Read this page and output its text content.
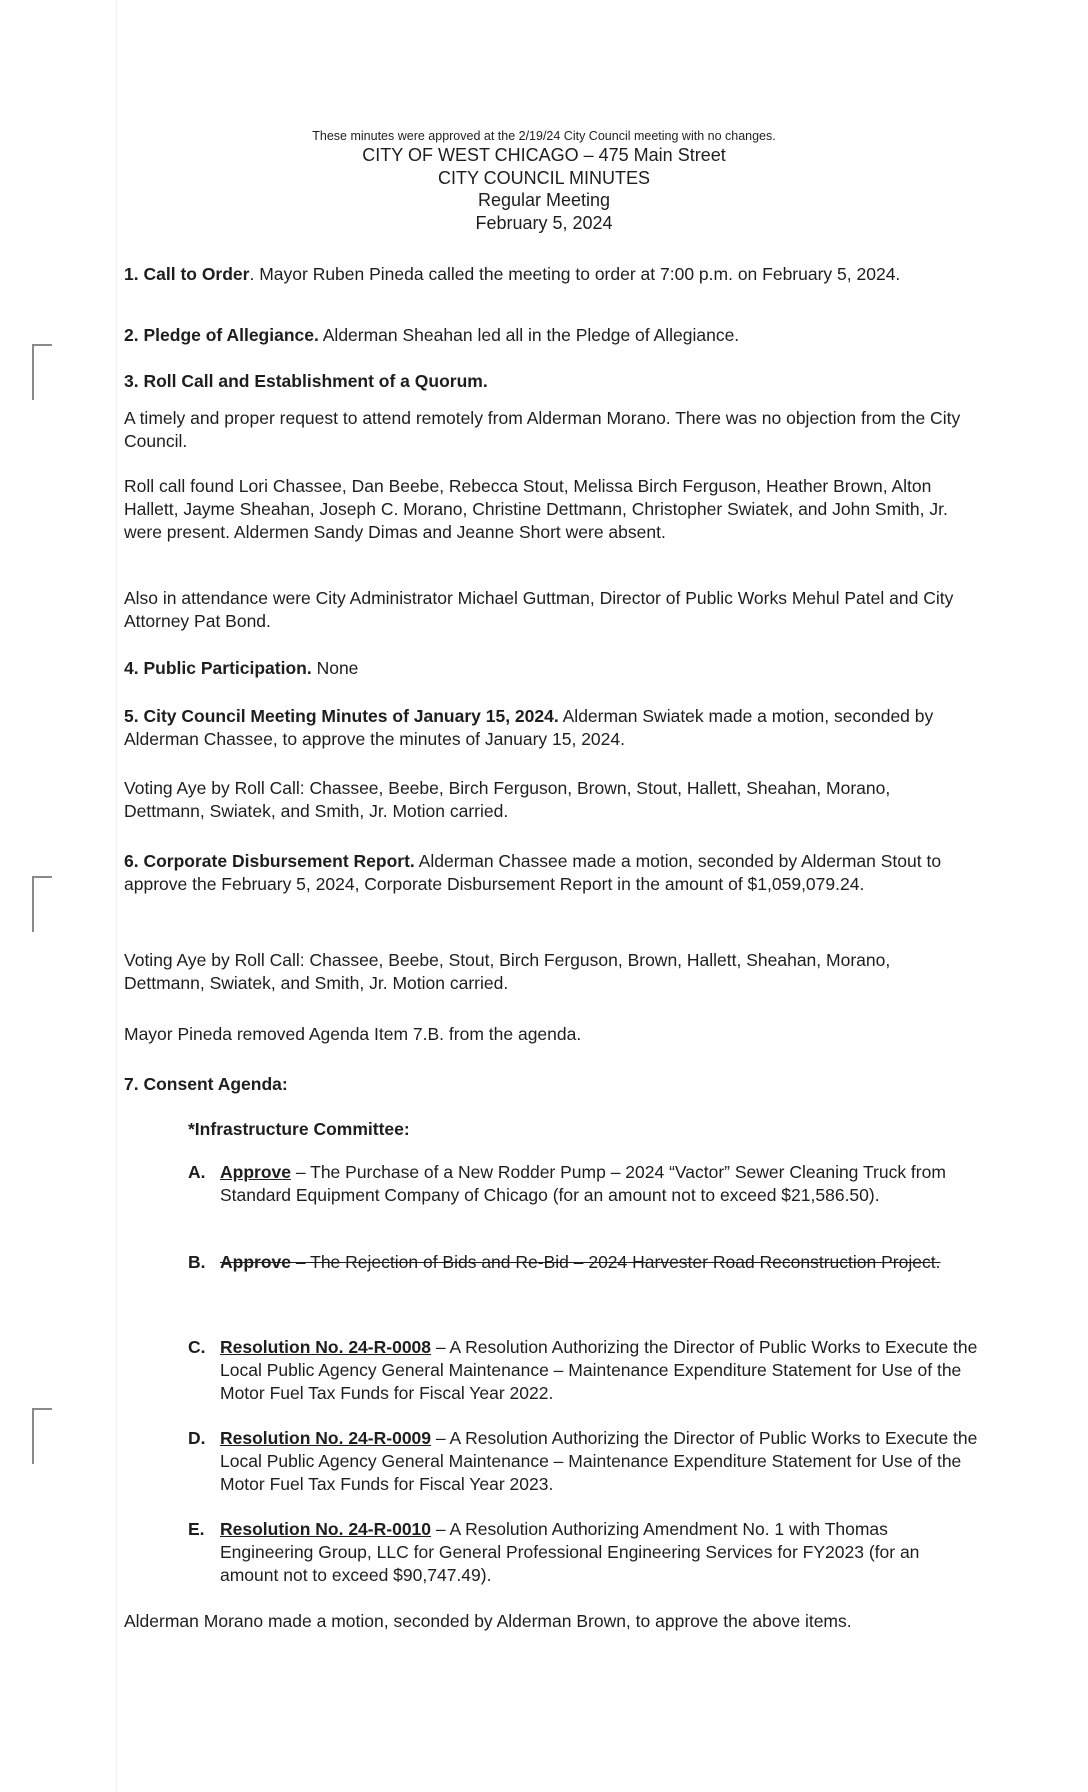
These minutes were approved at the 2/19/24 City Council meeting with no changes.
CITY OF WEST CHICAGO – 475 Main Street
CITY COUNCIL MINUTES
Regular Meeting
February 5, 2024
1. Call to Order. Mayor Ruben Pineda called the meeting to order at 7:00 p.m. on February 5, 2024.
2. Pledge of Allegiance. Alderman Sheahan led all in the Pledge of Allegiance.
3. Roll Call and Establishment of a Quorum.
A timely and proper request to attend remotely from Alderman Morano. There was no objection from the City Council.
Roll call found Lori Chassee, Dan Beebe, Rebecca Stout, Melissa Birch Ferguson, Heather Brown, Alton Hallett, Jayme Sheahan, Joseph C. Morano, Christine Dettmann, Christopher Swiatek, and John Smith, Jr. were present. Aldermen Sandy Dimas and Jeanne Short were absent.
Also in attendance were City Administrator Michael Guttman, Director of Public Works Mehul Patel and City Attorney Pat Bond.
4. Public Participation. None
5. City Council Meeting Minutes of January 15, 2024. Alderman Swiatek made a motion, seconded by Alderman Chassee, to approve the minutes of January 15, 2024.
Voting Aye by Roll Call: Chassee, Beebe, Birch Ferguson, Brown, Stout, Hallett, Sheahan, Morano, Dettmann, Swiatek, and Smith, Jr. Motion carried.
6. Corporate Disbursement Report. Alderman Chassee made a motion, seconded by Alderman Stout to approve the February 5, 2024, Corporate Disbursement Report in the amount of $1,059,079.24.
Voting Aye by Roll Call: Chassee, Beebe, Stout, Birch Ferguson, Brown, Hallett, Sheahan, Morano, Dettmann, Swiatek, and Smith, Jr. Motion carried.
Mayor Pineda removed Agenda Item 7.B. from the agenda.
7. Consent Agenda:
*Infrastructure Committee:
A. Approve – The Purchase of a New Rodder Pump – 2024 “Vactor” Sewer Cleaning Truck from Standard Equipment Company of Chicago (for an amount not to exceed $21,586.50).
B. Approve – The Rejection of Bids and Re-Bid – 2024 Harvester Road Reconstruction Project.
C. Resolution No. 24-R-0008 – A Resolution Authorizing the Director of Public Works to Execute the Local Public Agency General Maintenance – Maintenance Expenditure Statement for Use of the Motor Fuel Tax Funds for Fiscal Year 2022.
D. Resolution No. 24-R-0009 – A Resolution Authorizing the Director of Public Works to Execute the Local Public Agency General Maintenance – Maintenance Expenditure Statement for Use of the Motor Fuel Tax Funds for Fiscal Year 2023.
E. Resolution No. 24-R-0010 – A Resolution Authorizing Amendment No. 1 with Thomas Engineering Group, LLC for General Professional Engineering Services for FY2023 (for an amount not to exceed $90,747.49).
Alderman Morano made a motion, seconded by Alderman Brown, to approve the above items.
